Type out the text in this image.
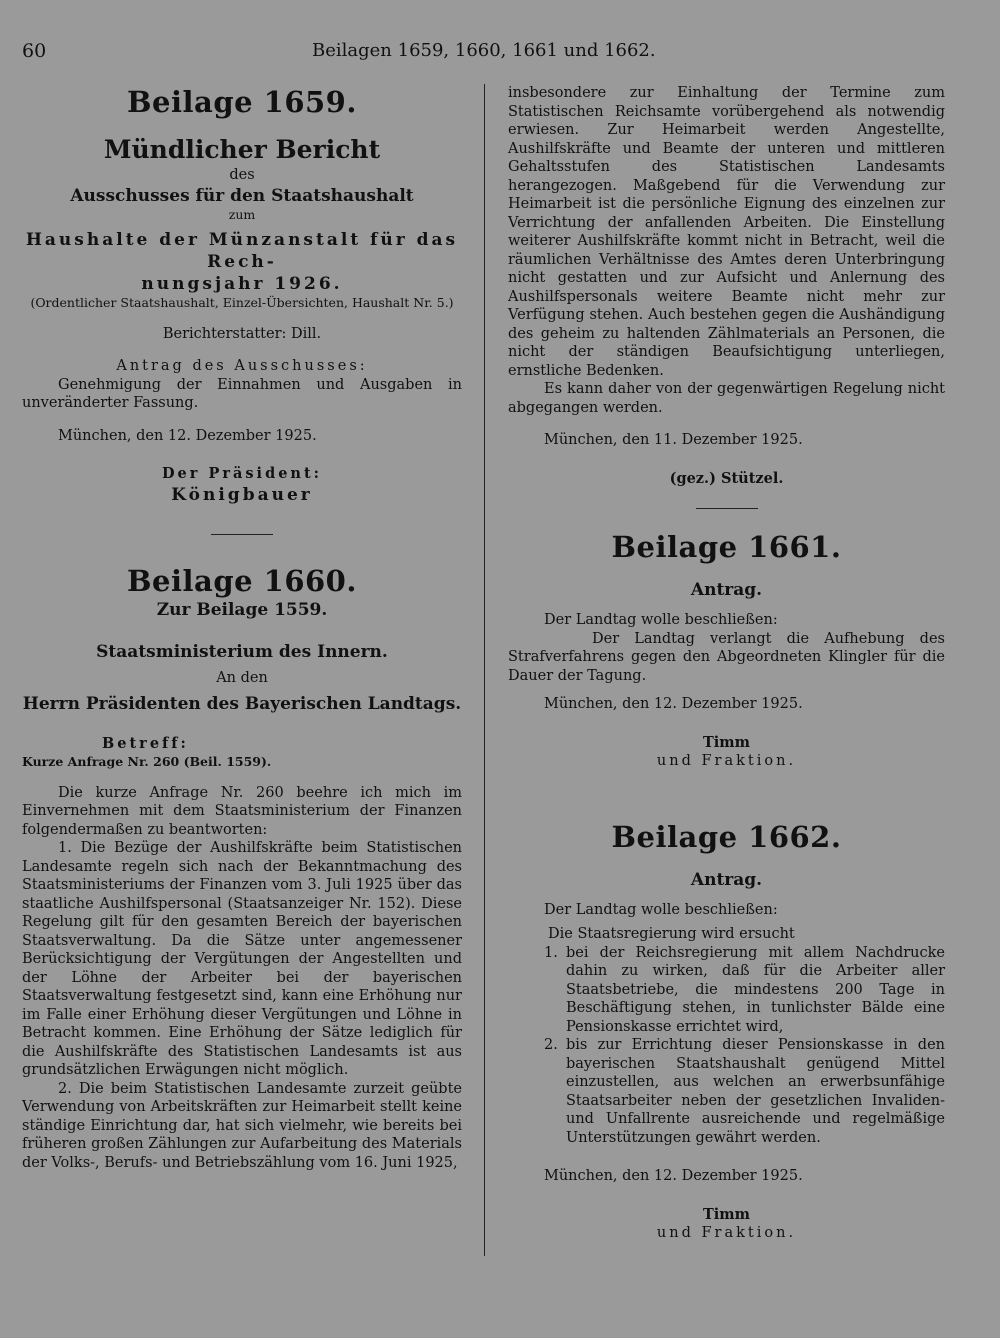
60	Beilagen 1659, 1660, 1661 und 1662.
Beilage 1659.
Mündlicher Bericht
des
Ausschusses für den Staatshaushalt
zum
Haushalte der Münzanstalt für das Rech-
nungsjahr 1926.
(Ordentlicher Staatshaushalt, Einzel-Übersichten, Haushalt Nr. 5.)
Berichterstatter: Dill.
Antrag des Ausschusses:

Genehmigung der Einnahmen und Ausgaben in unveränderter Fassung.

München, den 12. Dezember 1925.

Der Präsident:
Königbauer
Beilage 1660.
Zur Beilage 1559.
Staatsministerium des Innern.
An den
Herrn Präsidenten des Bayerischen Landtags.

Betreff:

Kurze Anfrage Nr. 260 (Beil. 1559).

Die kurze Anfrage Nr. 260 beehre ich mich im Einvernehmen mit dem Staatsministerium der Finanzen folgendermaßen zu beantworten:

1. Die Bezüge der Aushilfskräfte beim Statistischen Landesamte regeln sich nach der Bekanntmachung des Staatsministeriums der Finanzen vom 3. Juli 1925 über das staatliche Aushilfspersonal (Staatsanzeiger Nr. 152). Diese Regelung gilt für den gesamten Bereich der bayerischen Staatsverwaltung. Da die Sätze unter angemessener Berücksichtigung der Vergütungen der Angestellten und der Löhne der Arbeiter bei der bayerischen Staatsverwaltung festgesetzt sind, kann eine Erhöhung nur im Falle einer Erhöhung dieser Vergütungen und Löhne in Betracht kommen. Eine Erhöhung der Sätze lediglich für die Aushilfskräfte des Statistischen Landesamts ist aus grundsätzlichen Erwägungen nicht möglich.

2. Die beim Statistischen Landesamte zurzeit geübte Verwendung von Arbeitskräften zur Heimarbeit stellt keine ständige Einrichtung dar, hat sich vielmehr, wie bereits bei früheren großen Zählungen zur Aufarbeitung des Materials der Volks-, Berufs- und Betriebszählung vom 16. Juni 1925,

insbesondere zur Einhaltung der Termine zum Statistischen Reichsamte vorübergehend als notwendig erwiesen. Zur Heimarbeit werden Angestellte, Aushilfskräfte und Beamte der unteren und mittleren Gehaltsstufen des Statistischen Landesamts herangezogen. Maßgebend für die Verwendung zur Heimarbeit ist die persönliche Eignung des einzelnen zur Verrichtung der anfallenden Arbeiten. Die Einstellung weiterer Aushilfskräfte kommt nicht in Betracht, weil die räumlichen Verhältnisse des Amtes deren Unterbringung nicht gestatten und zur Aufsicht und Anlernung des Aushilfspersonals weitere Beamte nicht mehr zur Verfügung stehen. Auch bestehen gegen die Aushändigung des geheim zu haltenden Zählmaterials an Personen, die nicht der ständigen Beaufsichtigung unterliegen, ernstliche Bedenken.

Es kann daher von der gegenwärtigen Regelung nicht abgegangen werden.

München, den 11. Dezember 1925.

(gez.) Stützel.
Beilage 1661.
Antrag.

Der Landtag wolle beschließen:

Der Landtag verlangt die Aufhebung des Strafverfahrens gegen den Abgeordneten Klingler für die Dauer der Tagung.

München, den 12. Dezember 1925.

Timm
und Fraktion.
Beilage 1662.
Antrag.

Der Landtag wolle beschließen:

Die Staatsregierung wird ersucht

1. bei der Reichsregierung mit allem Nachdrucke dahin zu wirken, daß für die Arbeiter aller Staatsbetriebe, die mindestens 200 Tage in Beschäftigung stehen, in tunlichster Bälde eine Pensionskasse errichtet wird,
2. bis zur Errichtung dieser Pensionskasse in den bayerischen Staatshaushalt genügend Mittel einzustellen, aus welchen an erwerbsunfähige Staatsarbeiter neben der gesetzlichen Invaliden- und Unfallrente ausreichende und regelmäßige Unterstützungen gewährt werden.

München, den 12. Dezember 1925.

Timm
und Fraktion.
